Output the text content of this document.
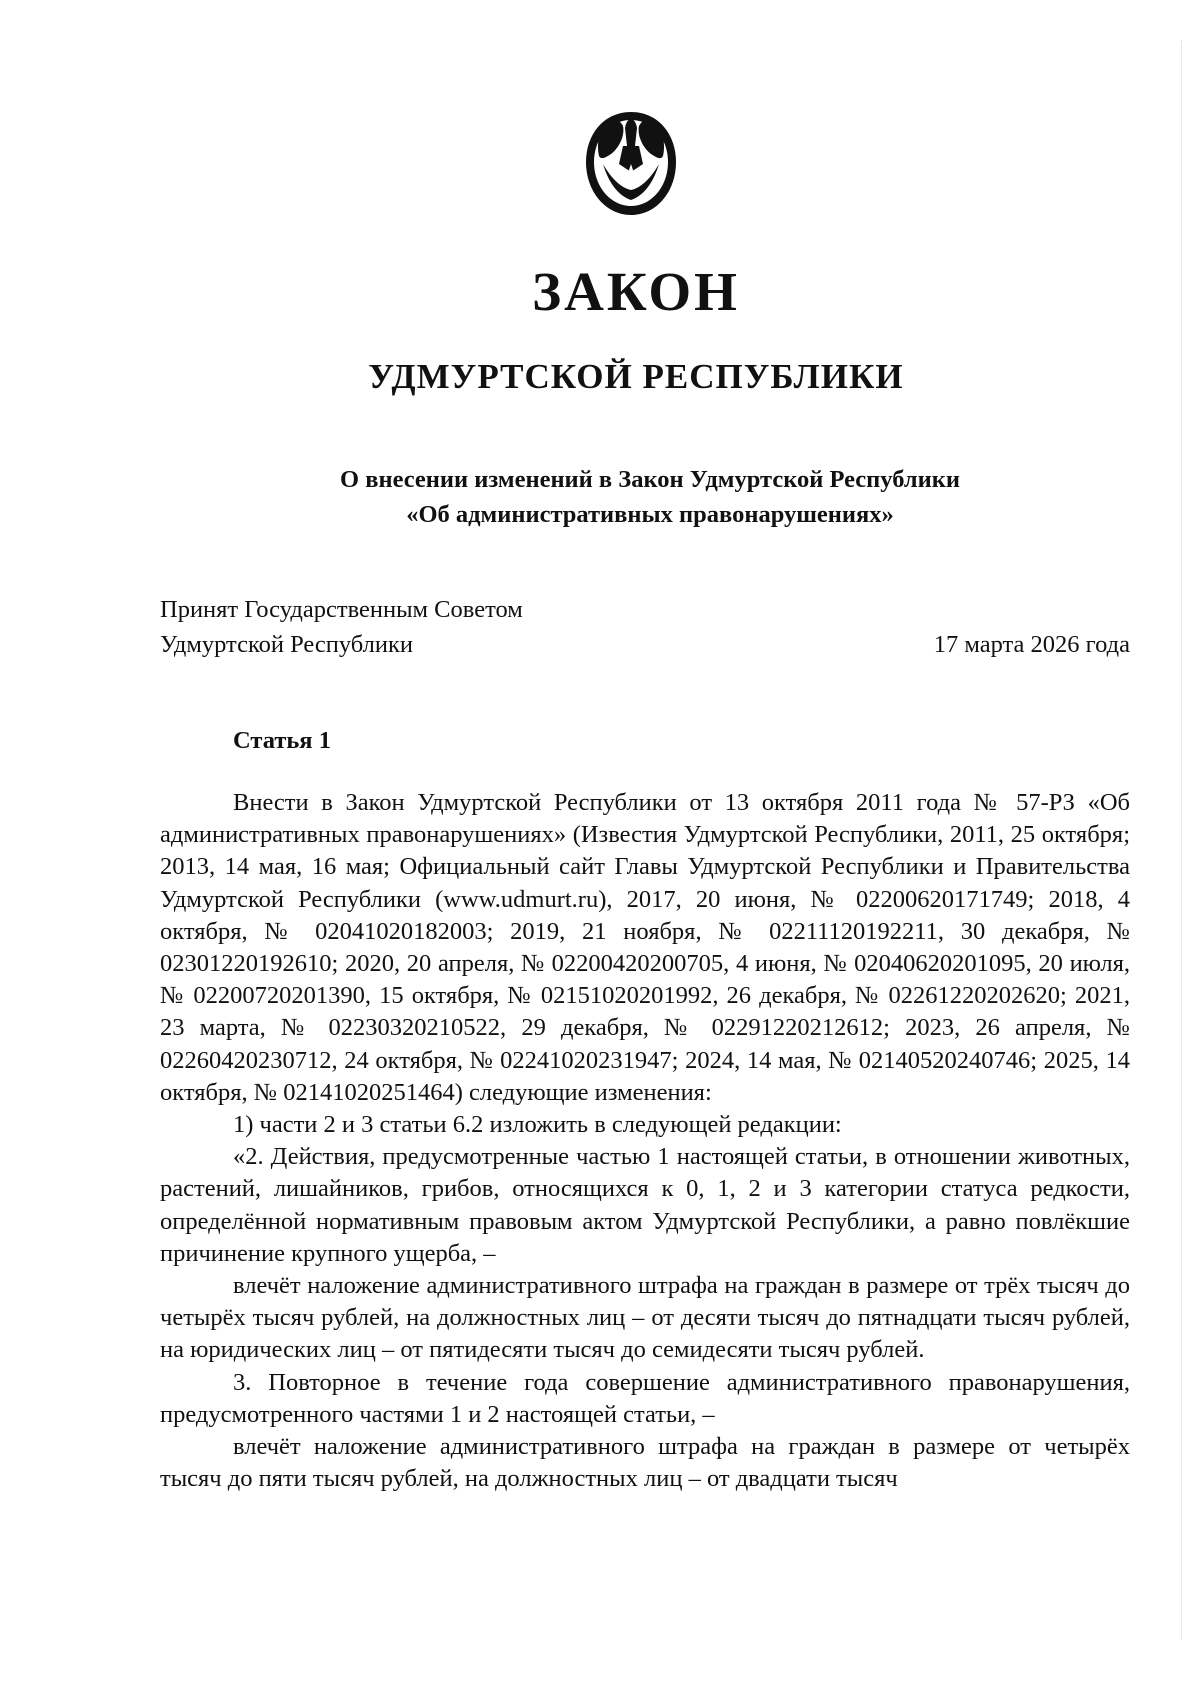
ЗАКОН
УДМУРТСКОЙ РЕСПУБЛИКИ
О внесении изменений в Закон Удмуртской Республики
«Об административных правонарушениях»
Принят Государственным Советом
Удмуртской Республики	17 марта 2026 года
Статья 1

Внести в Закон Удмуртской Республики от 13 октября 2011 года № 57-РЗ «Об административных правонарушениях» (Известия Удмуртской Республики, 2011, 25 октября; 2013, 14 мая, 16 мая; Официальный сайт Главы Удмуртской Республики и Правительства Удмуртской Республики (www.udmurt.ru), 2017, 20 июня, № 02200620171749; 2018, 4 октября, № 02041020182003; 2019, 21 ноября, № 02211120192211, 30 декабря, № 02301220192610; 2020, 20 апреля, № 02200420200705, 4 июня, № 02040620201095, 20 июля, № 02200720201390, 15 октября, № 02151020201992, 26 декабря, № 02261220202620; 2021, 23 марта, № 02230320210522, 29 декабря, № 02291220212612; 2023, 26 апреля, № 02260420230712, 24 октября, № 02241020231947; 2024, 14 мая, № 02140520240746; 2025, 14 октября, № 02141020251464) следующие изменения:

1) части 2 и 3 статьи 6.2 изложить в следующей редакции:

«2. Действия, предусмотренные частью 1 настоящей статьи, в отношении животных, растений, лишайников, грибов, относящихся к 0, 1, 2 и 3 категории статуса редкости, определённой нормативным правовым актом Удмуртской Республики, а равно повлёкшие причинение крупного ущерба, –

влечёт наложение административного штрафа на граждан в размере от трёх тысяч до четырёх тысяч рублей, на должностных лиц – от десяти тысяч до пятнадцати тысяч рублей, на юридических лиц – от пятидесяти тысяч до семидесяти тысяч рублей.

3. Повторное в течение года совершение административного правонарушения, предусмотренного частями 1 и 2 настоящей статьи, –

влечёт наложение административного штрафа на граждан в размере от четырёх тысяч до пяти тысяч рублей, на должностных лиц – от двадцати тысяч
